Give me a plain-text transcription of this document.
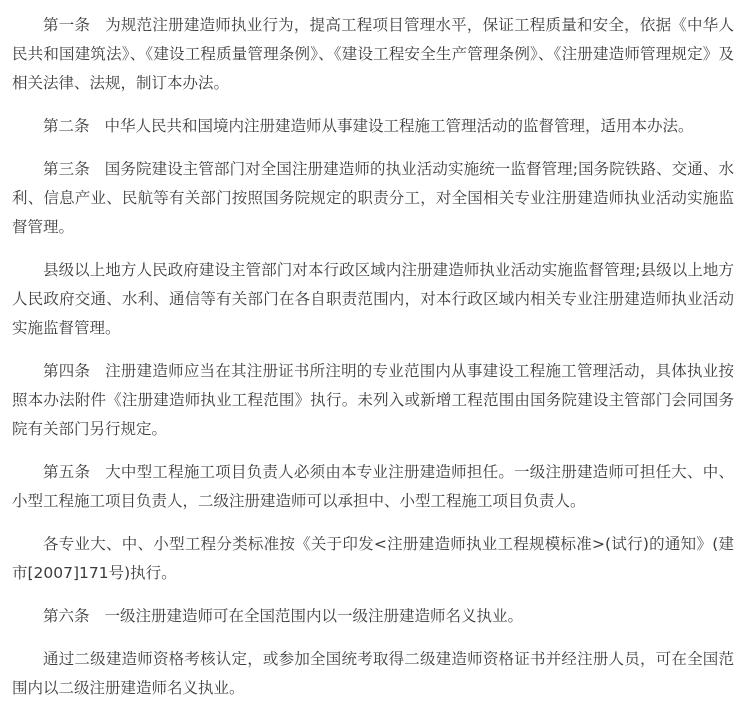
第一条 为规范注册建造师执业行为，提高工程项目管理水平，保证工程质量和安全，依据《中华人民共和国建筑法》、《建设工程质量管理条例》、《建设工程安全生产管理条例》、《注册建造师管理规定》及相关法律、法规，制订本办法。

第二条 中华人民共和国境内注册建造师从事建设工程施工管理活动的监督管理，适用本办法。

第三条 国务院建设主管部门对全国注册建造师的执业活动实施统一监督管理;国务院铁路、交通、水利、信息产业、民航等有关部门按照国务院规定的职责分工，对全国相关专业注册建造师执业活动实施监督管理。

县级以上地方人民政府建设主管部门对本行政区域内注册建造师执业活动实施监督管理;县级以上地方人民政府交通、水利、通信等有关部门在各自职责范围内，对本行政区域内相关专业注册建造师执业活动实施监督管理。

第四条 注册建造师应当在其注册证书所注明的专业范围内从事建设工程施工管理活动，具体执业按照本办法附件《注册建造师执业工程范围》执行。未列入或新增工程范围由国务院建设主管部门会同国务院有关部门另行规定。

第五条 大中型工程施工项目负责人必须由本专业注册建造师担任。一级注册建造师可担任大、中、小型工程施工项目负责人，二级注册建造师可以承担中、小型工程施工项目负责人。

各专业大、中、小型工程分类标准按《关于印发<注册建造师执业工程规模标准>(试行)的通知》(建市[2007]171号)执行。

第六条 一级注册建造师可在全国范围内以一级注册建造师名义执业。

通过二级建造师资格考核认定，或参加全国统考取得二级建造师资格证书并经注册人员，可在全国范围内以二级注册建造师名义执业。
